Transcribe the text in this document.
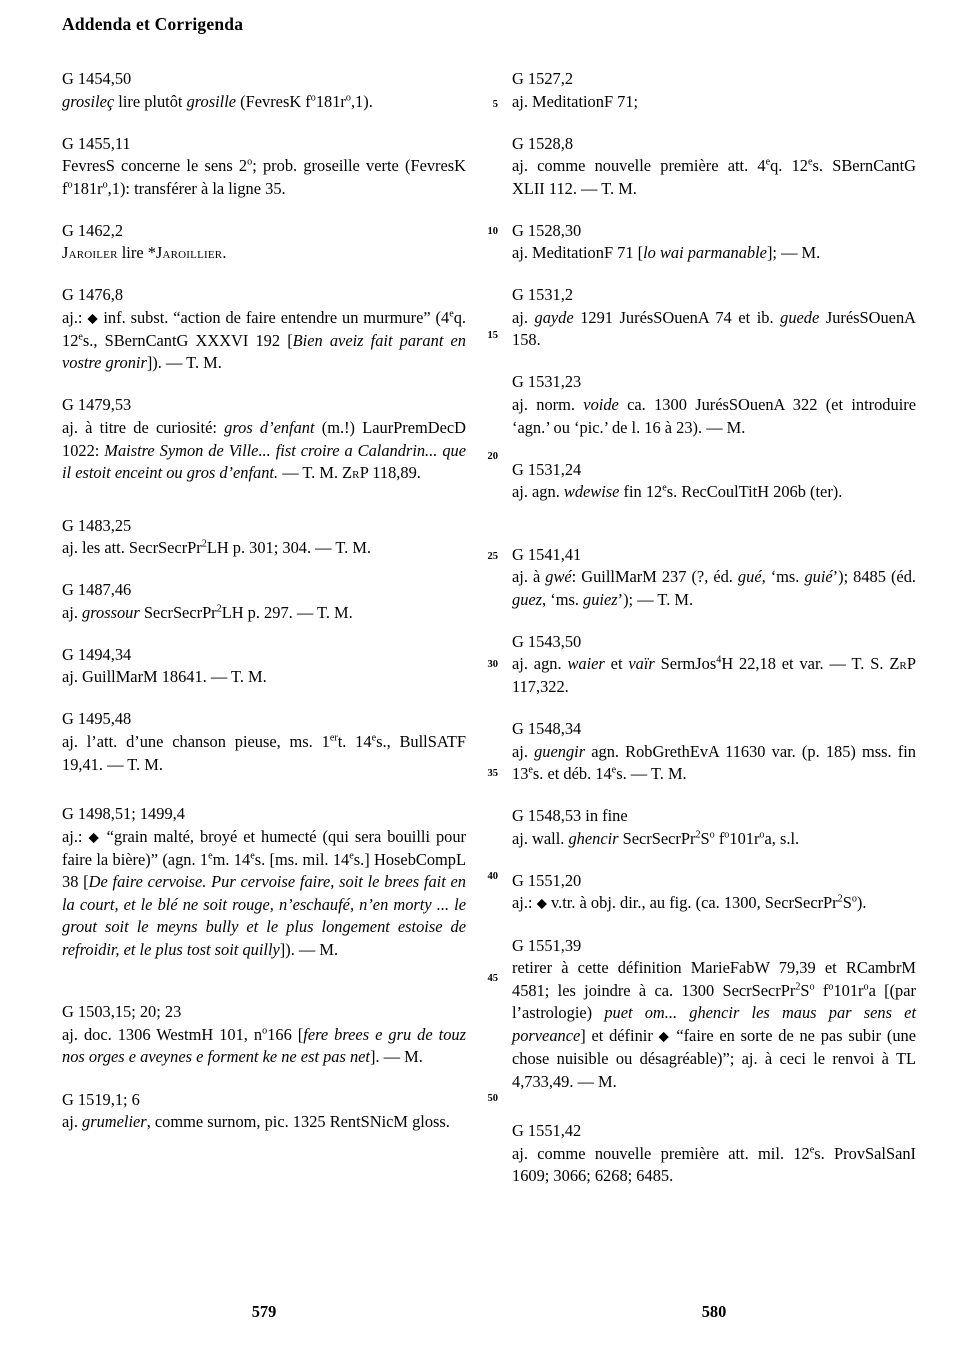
Addenda et Corrigenda
G 1454,50
grosileç lire plutôt grosille (FevresK $f^o181r^o,1$).
G 1455,11
FevresS concerne le sens 2$^o$; prob. groseille verte (FevresK $f^o181r^o,1$): transférer à la ligne 35.
G 1462,2
Jaroiler lire *Jaroillier.
G 1476,8
aj.: ◆ inf. subst. “action de faire entendre un murmure” (4eq. 12es., SBernCantG XXXVI 192 [Bien aveiz fait parant en vostre gronir]). — T. M.
G 1479,53
aj. à titre de curiosité: gros d’enfant (m.!) LaurPremDecD 1022: Maistre Symon de Ville... fist croire a Calandrin... que il estoit enceint ou gros d’enfant. — T. M. ZrP 118,89.
G 1483,25
aj. les att. SecrSecrPr$^2$LH p. 301; 304. — T. M.
G 1487,46
aj. grossour SecrSecrPr$^2$LH p. 297. — T. M.
G 1494,34
aj. GuillMarM 18641. — T. M.
G 1495,48
aj. l’att. d’une chanson pieuse, ms. 1ert. 14es., BullSATF 19,41. — T. M.
G 1498,51; 1499,4
aj.: ◆ “grain malté, broyé et humecté (qui sera bouilli pour faire la bière)” (agn. 1em. 14es. [ms. mil. 14es.] HosebCompL 38 [De faire cervoise. Pur cervoise faire, soit le brees fait en la court, et le blé ne soit rouge, n’eschaufé, n’en morty ... le grout soit le meyns bully et le plus longement estoise de refroidir, et le plus tost soit quilly]). — M.
G 1503,15; 20; 23
aj. doc. 1306 WestmH 101, $n^o166$ [fere brees e gru de touz nos orges e aveynes e forment ke ne est pas net]. — M.
G 1519,1; 6
aj. grumelier, comme surnom, pic. 1325 RentSNicM gloss.
5
10
15
20
25
30
35
40
45
50
G 1527,2
aj. MeditationF 71;
G 1528,8
aj. comme nouvelle première att. 4eq. 12es. SBernCantG XLII 112. — T. M.
G 1528,30
aj. MeditationF 71 [lo wai parmanable]; — M.
G 1531,2
aj. gayde 1291 JurésSOuenA 74 et ib. guede JurésSOuenA 158.
G 1531,23
aj. norm. voide ca. 1300 JurésSOuenA 322 (et introduire ‘agn.’ ou ‘pic.’ de l. 16 à 23). — M.
G 1531,24
aj. agn. wdewise fin 12es. RecCoulTitH 206b (ter).
G 1541,41
aj. à gwé: GuillMarM 237 (?, éd. gué, ‘ms. guié’); 8485 (éd. guez, ‘ms. guiez’); — T. M.
G 1543,50
aj. agn. waier et vaïr SermJos$^4$H 22,18 et var. — T. S. ZrP 117,322.
G 1548,34
aj. guengir agn. RobGrethEvA 11630 var. (p. 185) mss. fin 13es. et déb. 14es. — T. M.
G 1548,53 in fine
aj. wall. ghencir $SecrSecrPr^2S^o$ $f^o101r^oa$, s.l.
G 1551,20
aj.: ◆ v.tr. à obj. dir., au fig. (ca. 1300, $SecrSecrPr^2S^o$).
G 1551,39
retirer à cette définition MarieFabW 79,39 et RCambrM 4581; les joindre à ca. 1300 $SecrSecrPr^2S^o$ $f^o101r^oa$ [(par l’astrologie) puet om... ghencir les maus par sens et porveance] et définir ◆ “faire en sorte de ne pas subir (une chose nuisible ou désagréable)”; aj. à ceci le renvoi à TL 4,733,49. — M.
G 1551,42
aj. comme nouvelle première att. mil. 12es. ProvSalSanI 1609; 3066; 6268; 6485.
579	580
